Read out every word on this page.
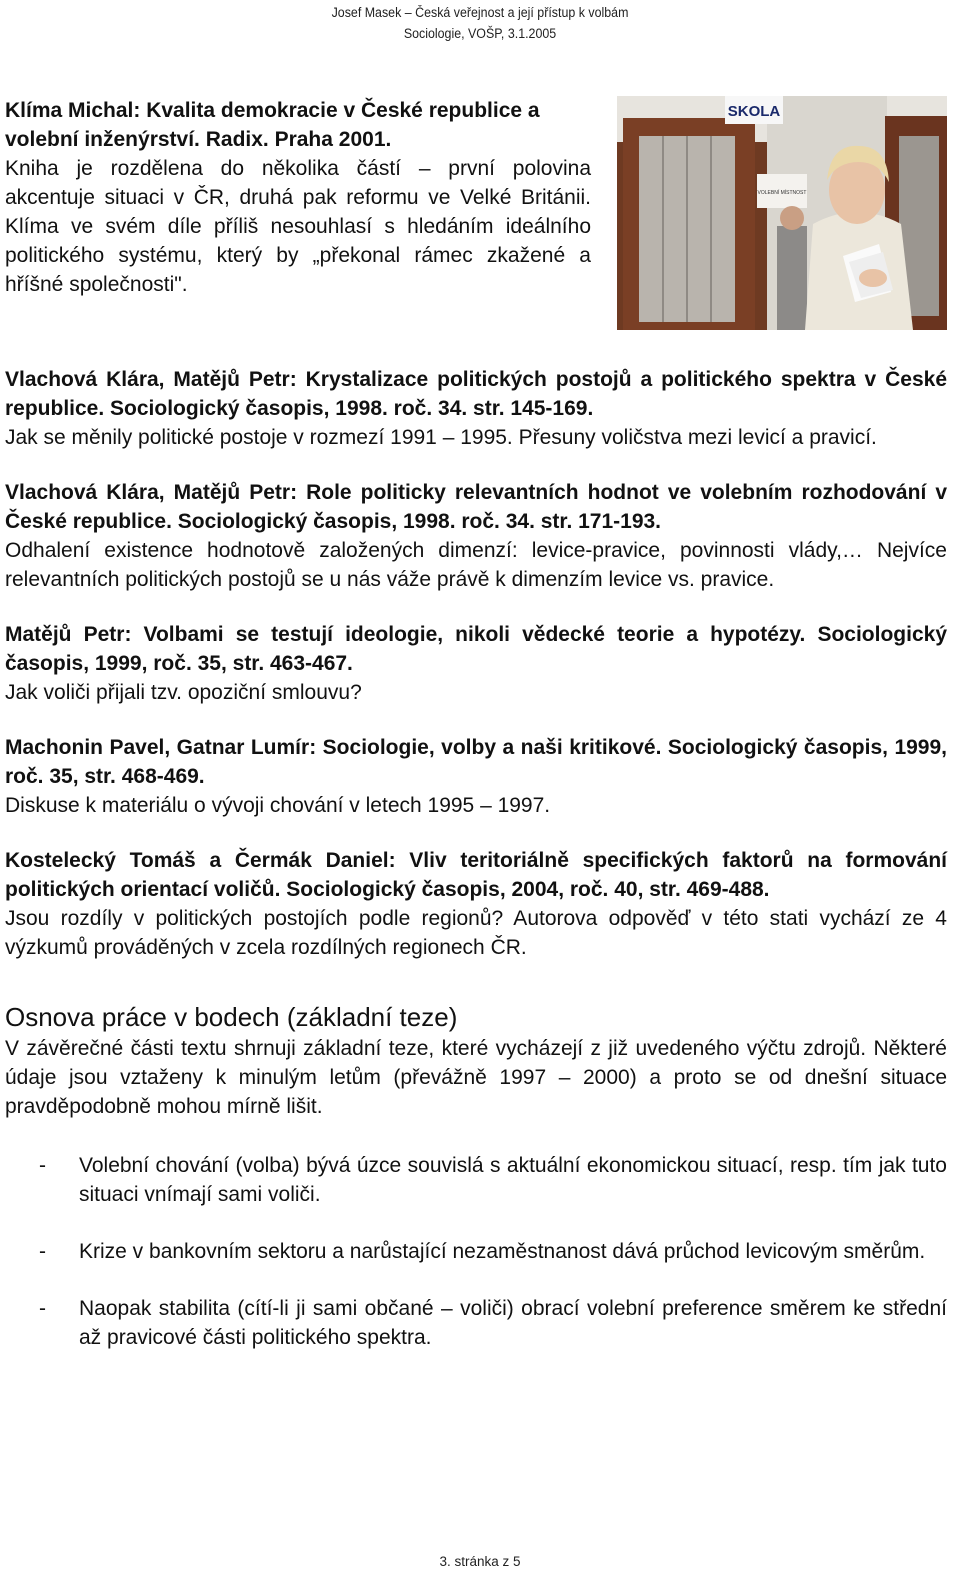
Josef Masek – Česká veřejnost a její přístup k volbám
Sociologie, VOŠP, 3.1.2005

Klíma Michal: Kvalita demokracie v České republice a volební inženýrství. Radix. Praha 2001.

Kniha je rozdělena do několika částí – první polovina akcentuje situaci v ČR, druhá pak reformu ve Velké Británii. Klíma ve svém díle příliš nesouhlasí s hledáním ideálního politického systému, který by „překonal rámec zkažené a hříšné společnosti".

VOLEBNÍ MÍSTNOST
SKOLA

Vlachová Klára, Matějů Petr: Krystalizace politických postojů a politického spektra v České republice. Sociologický časopis, 1998. roč. 34. str. 145-169.

Jak se měnily politické postoje v rozmezí 1991 – 1995. Přesuny voličstva mezi levicí a pravicí.

Vlachová Klára, Matějů Petr: Role politicky relevantních hodnot ve volebním rozhodování v České republice. Sociologický časopis, 1998. roč. 34. str. 171-193.

Odhalení existence hodnotově založených dimenzí: levice-pravice, povinnosti vlády,… Nejvíce relevantních politických postojů se u nás váže právě k dimenzím levice vs. pravice.

Matějů Petr: Volbami se testují ideologie, nikoli vědecké teorie a hypotézy. Sociologický časopis, 1999, roč. 35, str. 463-467.

Jak voliči přijali tzv. opoziční smlouvu?

Machonin Pavel, Gatnar Lumír: Sociologie, volby a naši kritikové. Sociologický časopis, 1999, roč. 35, str. 468-469.

Diskuse k materiálu o vývoji chování v letech 1995 – 1997.

Kostelecký Tomáš a Čermák Daniel: Vliv teritoriálně specifických faktorů na formování politických orientací voličů. Sociologický časopis, 2004, roč. 40, str. 469-488.

Jsou rozdíly v politických postojích podle regionů? Autorova odpověď v této stati vychází ze 4 výzkumů prováděných v zcela rozdílných regionech ČR.

Osnova práce v bodech (základní teze)

V závěrečné části textu shrnuji základní teze, které vycházejí z již uvedeného výčtu zdrojů. Některé údaje jsou vztaženy k minulým letům (převážně 1997 – 2000) a proto se od dnešní situace pravděpodobně mohou mírně lišit.

- Volební chování (volba) bývá úzce souvislá s aktuální ekonomickou situací, resp. tím jak tuto situaci vnímají sami voliči.
- Krize v bankovním sektoru a narůstající nezaměstnanost dává průchod levicovým směrům.
- Naopak stabilita (cítí-li ji sami občané – voliči) obrací volební preference směrem ke střední až pravicové části politického spektra.
3. stránka z 5
